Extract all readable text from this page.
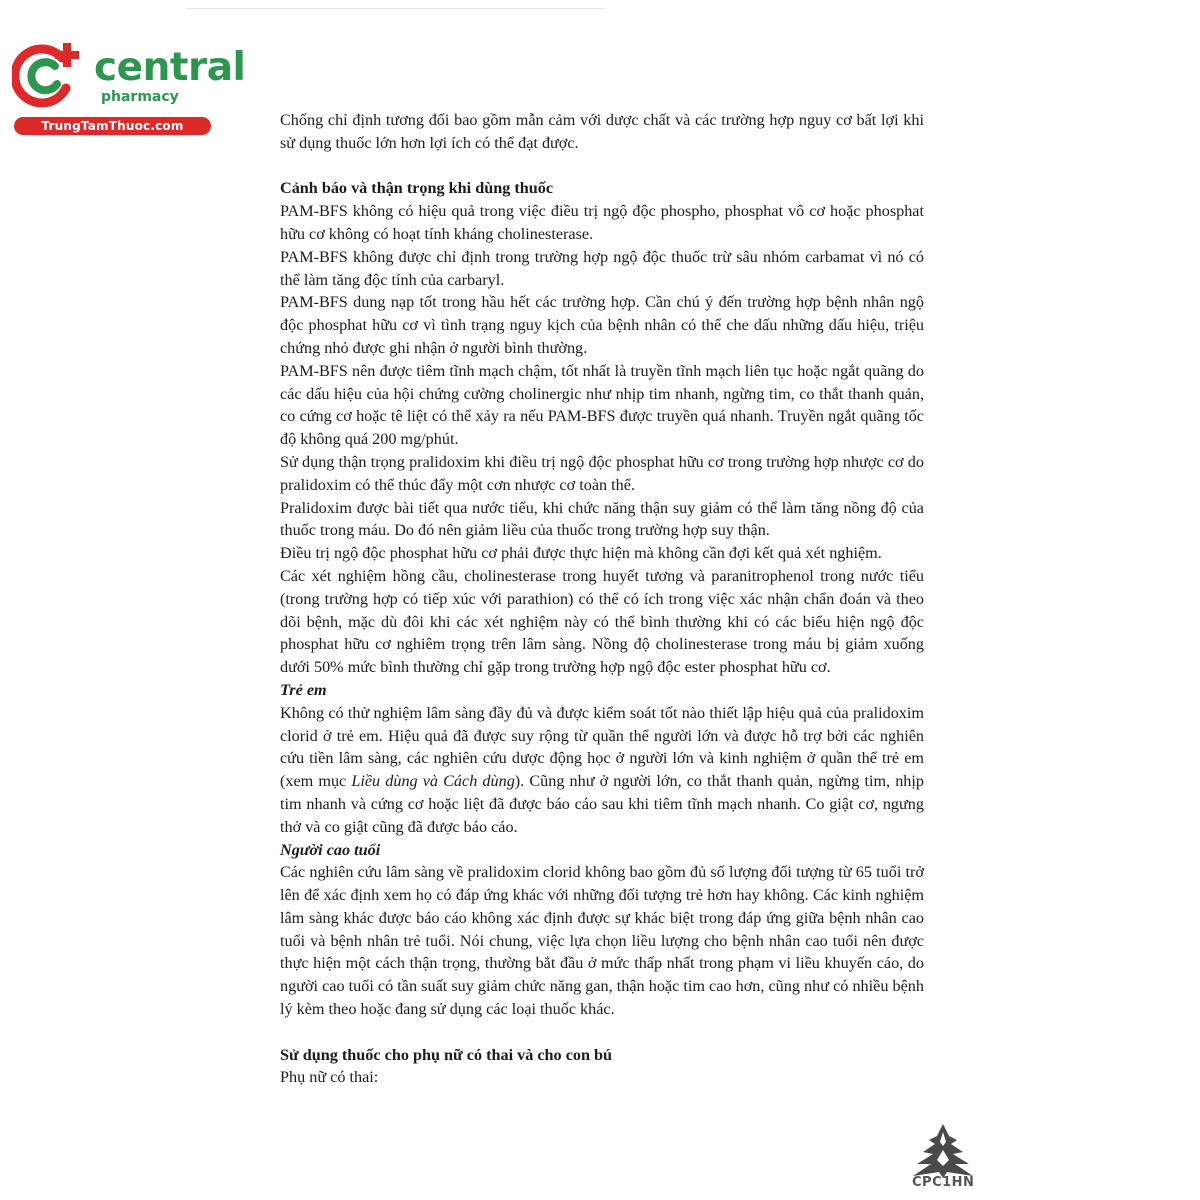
central
pharmacy
TrungTamThuoc.com	Chống chỉ định tương đối bao gồm mẫn cảm với dược chất và các trường hợp nguy cơ bất lợi khi sử dụng thuốc lớn hơn lợi ích có thể đạt được.

Cảnh báo và thận trọng khi dùng thuốc

PAM-BFS không có hiệu quả trong việc điều trị ngộ độc phospho, phosphat vô cơ hoặc phosphat hữu cơ không có hoạt tính kháng cholinesterase.

PAM-BFS không được chỉ định trong trường hợp ngộ độc thuốc trừ sâu nhóm carbamat vì nó có thể làm tăng độc tính của carbaryl.

PAM-BFS dung nạp tốt trong hầu hết các trường hợp. Cần chú ý đến trường hợp bệnh nhân ngộ độc phosphat hữu cơ vì tình trạng nguy kịch của bệnh nhân có thể che dấu những dấu hiệu, triệu chứng nhỏ được ghi nhận ở người bình thường.

PAM-BFS nên được tiêm tĩnh mạch chậm, tốt nhất là truyền tĩnh mạch liên tục hoặc ngắt quãng do các dấu hiệu của hội chứng cường cholinergic như nhịp tim nhanh, ngừng tim, co thắt thanh quản, co cứng cơ hoặc tê liệt có thể xảy ra nếu PAM-BFS được truyền quá nhanh. Truyền ngắt quãng tốc độ không quá 200 mg/phút.

Sử dụng thận trọng pralidoxim khi điều trị ngộ độc phosphat hữu cơ trong trường hợp nhược cơ do pralidoxim có thể thúc đẩy một cơn nhược cơ toàn thể.

Pralidoxim được bài tiết qua nước tiểu, khi chức năng thận suy giảm có thể làm tăng nồng độ của thuốc trong máu. Do đó nên giảm liều của thuốc trong trường hợp suy thận.

Điều trị ngộ độc phosphat hữu cơ phải được thực hiện mà không cần đợi kết quả xét nghiệm.

Các xét nghiệm hồng cầu, cholinesterase trong huyết tương và paranitrophenol trong nước tiểu (trong trường hợp có tiếp xúc với parathion) có thể có ích trong việc xác nhận chẩn đoán và theo dõi bệnh, mặc dù đôi khi các xét nghiệm này có thể bình thường khi có các biểu hiện ngộ độc phosphat hữu cơ nghiêm trọng trên lâm sàng. Nồng độ cholinesterase trong máu bị giảm xuống dưới 50% mức bình thường chỉ gặp trong trường hợp ngộ độc ester phosphat hữu cơ.

Trẻ em

Không có thử nghiệm lâm sàng đầy đủ và được kiểm soát tốt nào thiết lập hiệu quả của pralidoxim clorid ở trẻ em. Hiệu quả đã được suy rộng từ quần thể người lớn và được hỗ trợ bởi các nghiên cứu tiền lâm sàng, các nghiên cứu dược động học ở người lớn và kinh nghiệm ở quần thể trẻ em (xem mục Liều dùng và Cách dùng). Cũng như ở người lớn, co thắt thanh quản, ngừng tim, nhịp tim nhanh và cứng cơ hoặc liệt đã được báo cáo sau khi tiêm tĩnh mạch nhanh. Co giật cơ, ngưng thở và co giật cũng đã được báo cáo.

Người cao tuổi

Các nghiên cứu lâm sàng về pralidoxim clorid không bao gồm đủ số lượng đối tượng từ 65 tuổi trở lên để xác định xem họ có đáp ứng khác với những đối tượng trẻ hơn hay không. Các kinh nghiệm lâm sàng khác được báo cáo không xác định được sự khác biệt trong đáp ứng giữa bệnh nhân cao tuổi và bệnh nhân trẻ tuổi. Nói chung, việc lựa chọn liều lượng cho bệnh nhân cao tuổi nên được thực hiện một cách thận trọng, thường bắt đầu ở mức thấp nhất trong phạm vi liều khuyến cáo, do người cao tuổi có tần suất suy giảm chức năng gan, thận hoặc tim cao hơn, cũng như có nhiều bệnh lý kèm theo hoặc đang sử dụng các loại thuốc khác.

Sử dụng thuốc cho phụ nữ có thai và cho con bú

Phụ nữ có thai:

CPC1HN
